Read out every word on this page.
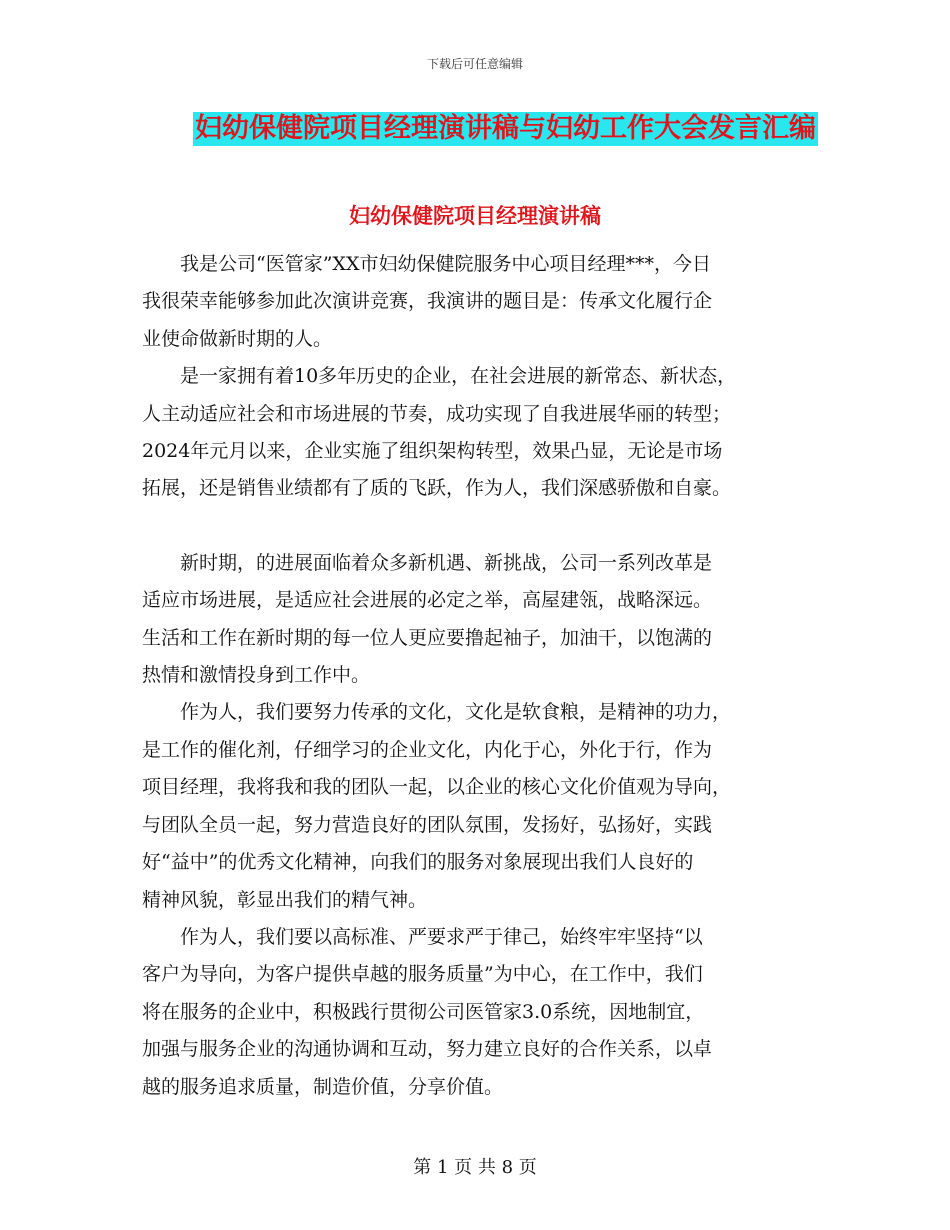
下载后可任意编辑
妇幼保健院项目经理演讲稿与妇幼工作大会发言汇编
妇幼保健院项目经理演讲稿
　　我是公司“医管家”XX市妇幼保健院服务中心项目经理***，今日
我很荣幸能够参加此次演讲竞赛，我演讲的题目是：传承文化履行企
业使命做新时期的人。
　　是一家拥有着10多年历史的企业，在社会进展的新常态、新状态，
人主动适应社会和市场进展的节奏，成功实现了自我进展华丽的转型；
2024年元月以来，企业实施了组织架构转型，效果凸显，无论是市场
拓展，还是销售业绩都有了质的飞跃，作为人，我们深感骄傲和自豪。
　　新时期，的进展面临着众多新机遇、新挑战，公司一系列改革是
适应市场进展，是适应社会进展的必定之举，高屋建瓴，战略深远。
生活和工作在新时期的每一位人更应要撸起袖子，加油干，以饱满的
热情和激情投身到工作中。
　　作为人，我们要努力传承的文化，文化是软食粮，是精神的功力，
是工作的催化剂，仔细学习的企业文化，内化于心，外化于行，作为
项目经理，我将我和我的团队一起，以企业的核心文化价值观为导向，
与团队全员一起，努力营造良好的团队氛围，发扬好，弘扬好，实践
好“益中”的优秀文化精神，向我们的服务对象展现出我们人良好的
精神风貌，彰显出我们的精气神。
　　作为人，我们要以高标准、严要求严于律己，始终牢牢坚持“以
客户为导向，为客户提供卓越的服务质量”为中心，在工作中，我们
将在服务的企业中，积极践行贯彻公司医管家3.0系统，因地制宜，
加强与服务企业的沟通协调和互动，努力建立良好的合作关系，以卓
越的服务追求质量，制造价值，分享价值。
第 1 页 共 8 页
